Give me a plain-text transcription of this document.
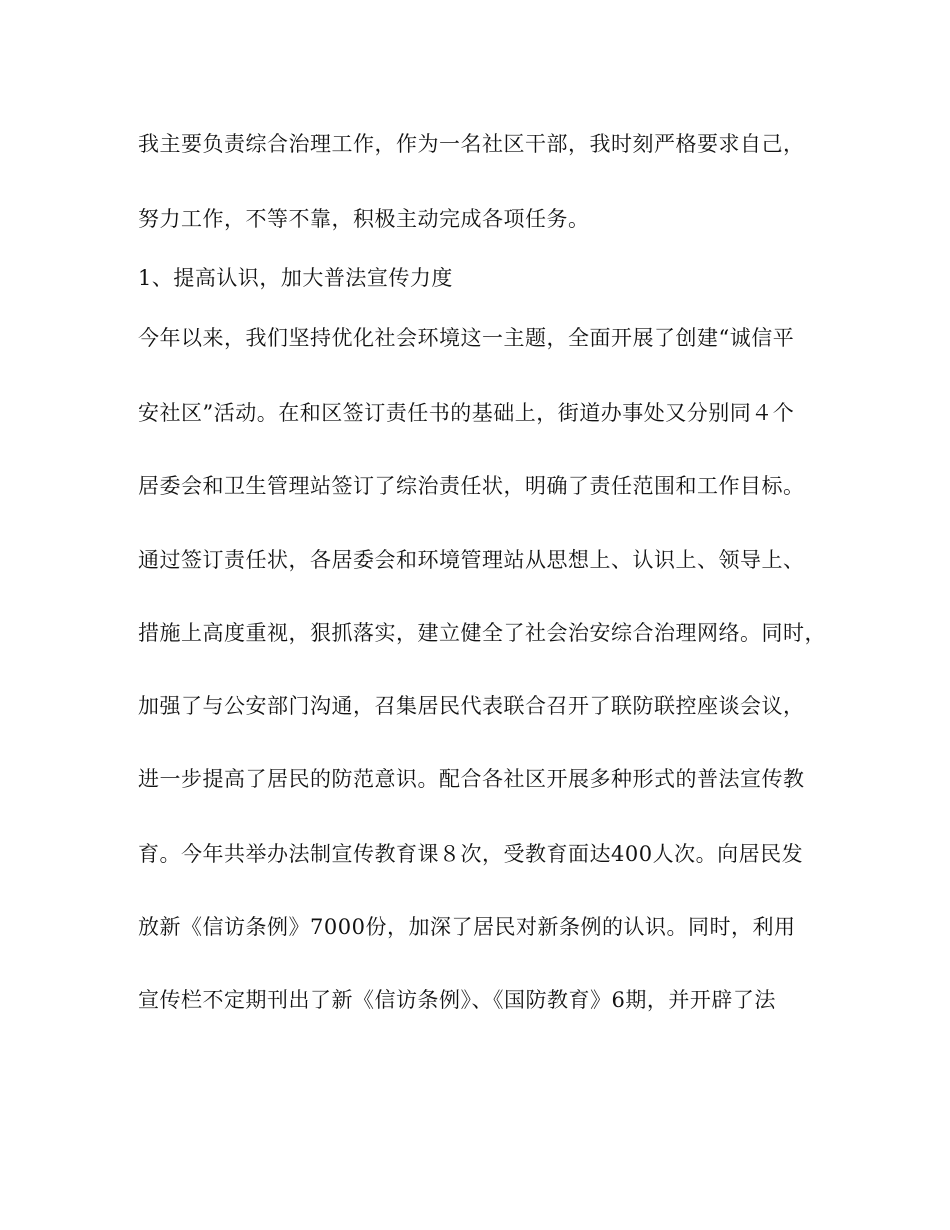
我主要负责综合治理工作，作为一名社区干部，我时刻严格要求自己，
努力工作，不等不靠，积极主动完成各项任务。
1、提高认识，加大普法宣传力度
今年以来，我们坚持优化社会环境这一主题，全面开展了创建“诚信平
安社区”活动。在和区签订责任书的基础上，街道办事处又分别同４个
居委会和卫生管理站签订了综治责任状，明确了责任范围和工作目标。
通过签订责任状，各居委会和环境管理站从思想上、认识上、领导上、
措施上高度重视，狠抓落实，建立健全了社会治安综合治理网络。同时，
加强了与公安部门沟通，召集居民代表联合召开了联防联控座谈会议，
进一步提高了居民的防范意识。配合各社区开展多种形式的普法宣传教
育。今年共举办法制宣传教育课８次，受教育面达400人次。向居民发
放新《信访条例》7000份，加深了居民对新条例的认识。同时，利用
宣传栏不定期刊出了新《信访条例》、《国防教育》6期，并开辟了法
